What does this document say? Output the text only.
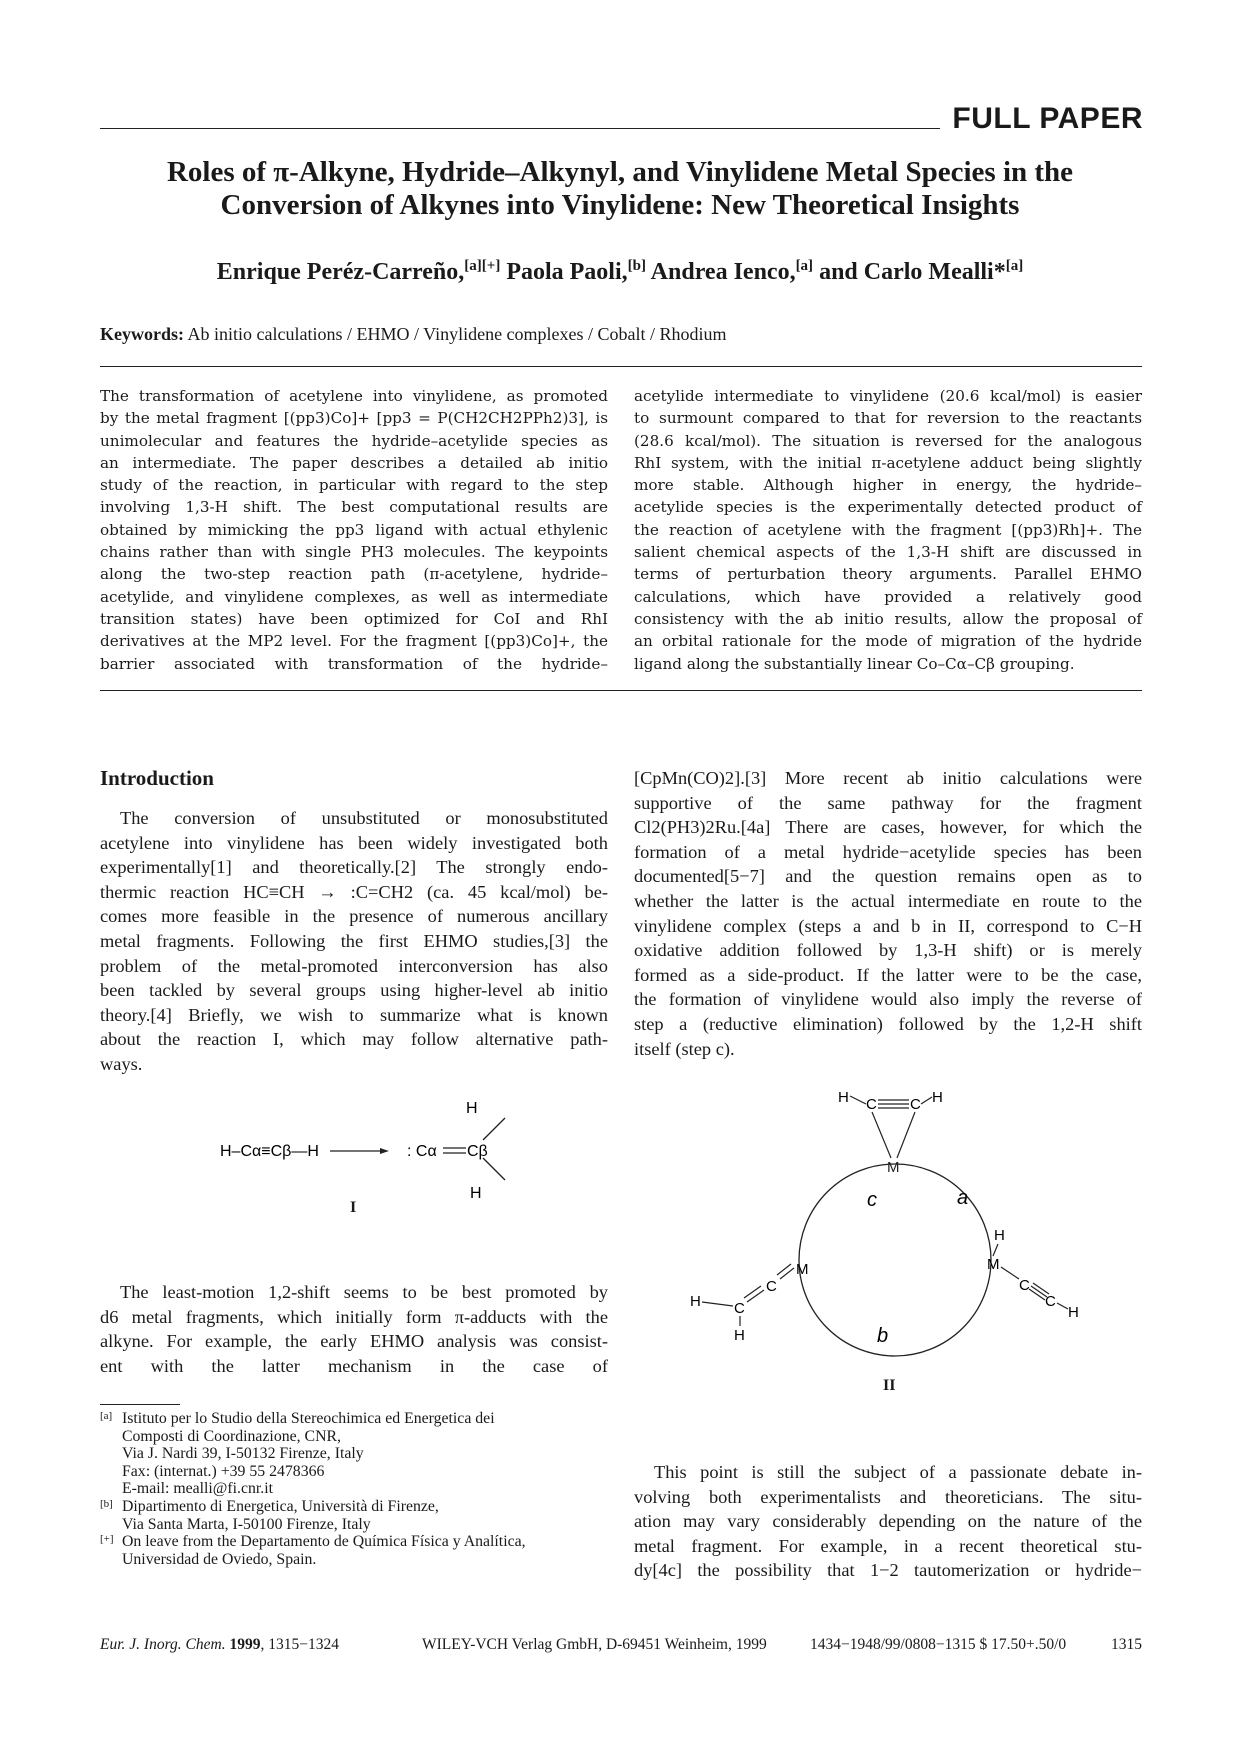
FULL PAPER
Roles of π-Alkyne, Hydride–Alkynyl, and Vinylidene Metal Species in the
Conversion of Alkynes into Vinylidene: New Theoretical Insights
Enrique Peréz-Carreño,[a][+] Paola Paoli,[b] Andrea Ienco,[a] and Carlo Mealli*[a]
Keywords: Ab initio calculations / EHMO / Vinylidene complexes / Cobalt / Rhodium
The transformation of acetylene into vinylidene, as promoted
by the metal fragment [(pp3)Co]+ [pp3 = P(CH2CH2PPh2)3], is
unimolecular and features the hydride–acetylide species as
an intermediate. The paper describes a detailed ab initio
study of the reaction, in particular with regard to the step
involving 1,3-H shift. The best computational results are
obtained by mimicking the pp3 ligand with actual ethylenic
chains rather than with single PH3 molecules. The keypoints
along the two-step reaction path (π-acetylene, hydride–
acetylide, and vinylidene complexes, as well as intermediate
transition states) have been optimized for CoI and RhI
derivatives at the MP2 level. For the fragment [(pp3)Co]+, the
barrier associated with transformation of the hydride–
acetylide intermediate to vinylidene (20.6 kcal/mol) is easier
to surmount compared to that for reversion to the reactants
(28.6 kcal/mol). The situation is reversed for the analogous
RhI system, with the initial π-acetylene adduct being slightly
more stable. Although higher in energy, the hydride–
acetylide species is the experimentally detected product of
the reaction of acetylene with the fragment [(pp3)Rh]+. The
salient chemical aspects of the 1,3-H shift are discussed in
terms of perturbation theory arguments. Parallel EHMO
calculations, which have provided a relatively good
consistency with the ab initio results, allow the proposal of
an orbital rationale for the mode of migration of the hydride
ligand along the substantially linear Co–Cα–Cβ grouping.
Introduction
The conversion of unsubstituted or monosubstituted
acetylene into vinylidene has been widely investigated both
experimentally[1] and theoretically.[2] The strongly endo-
thermic reaction HC≡CH → :C=CH2 (ca. 45 kcal/mol) be-
comes more feasible in the presence of numerous ancillary
metal fragments. Following the first EHMO studies,[3] the
problem of the metal-promoted interconversion has also
been tackled by several groups using higher-level ab initio
theory.[4] Briefly, we wish to summarize what is known
about the reaction I, which may follow alternative path-
ways.
H–Cα≡Cβ—H	: Cα Cβ
H
H
I
The least-motion 1,2-shift seems to be best promoted by
d6 metal fragments, which initially form π-adducts with the
alkyne. For example, the early EHMO analysis was consist-
ent with the latter mechanism in the case of
[a] Istituto per lo Studio della Stereochimica ed Energetica dei
Composti di Coordinazione, CNR,
Via J. Nardi 39, I-50132 Firenze, Italy
Fax: (internat.) +39 55 2478366
E-mail: mealli@fi.cnr.it
[b] Dipartimento di Energetica, Università di Firenze,
Via Santa Marta, I-50100 Firenze, Italy
[+] On leave from the Departamento de Química Física y Analítica,
Universidad de Oviedo, Spain.
[CpMn(CO)2].[3] More recent ab initio calculations were
supportive of the same pathway for the fragment
Cl2(PH3)2Ru.[4a] There are cases, however, for which the
formation of a metal hydride−acetylide species has been
documented[5−7] and the question remains open as to
whether the latter is the actual intermediate en route to the
vinylidene complex (steps a and b in II, correspond to C−H
oxidative addition followed by 1,3-H shift) or is merely
formed as a side-product. If the latter were to be the case,
the formation of vinylidene would also imply the reverse of
step a (reductive elimination) followed by the 1,2-H shift
itself (step c).
H C C H
M
c	a
b
M
C
C
H
H
M
H
C
C
H
II
This point is still the subject of a passionate debate in-
volving both experimentalists and theoreticians. The situ-
ation may vary considerably depending on the nature of the
metal fragment. For example, in a recent theoretical stu-
dy[4c] the possibility that 1−2 tautomerization or hydride−
Eur. J. Inorg. Chem. 1999, 1315−1324	WILEY-VCH Verlag GmbH, D-69451 Weinheim, 1999	1434−1948/99/0808−1315 $ 17.50+.50/0	1315
